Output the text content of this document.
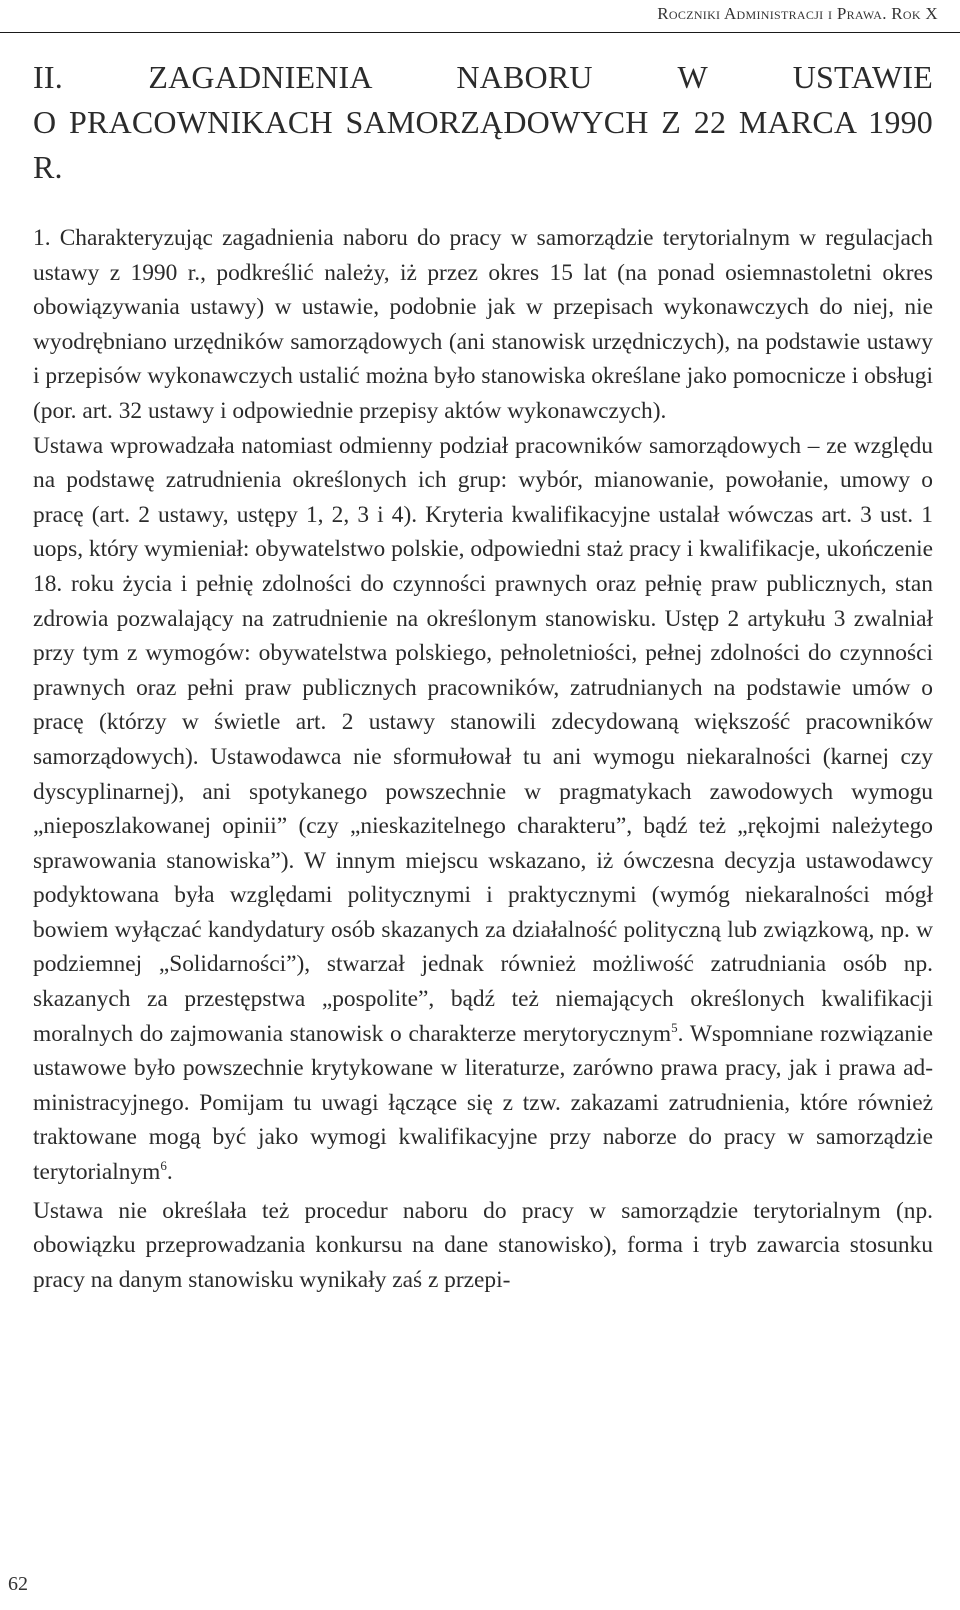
Roczniki Administracji i Prawa. Rok X
II. ZAGADNIENIA NABORU W USTAWIE
O PRACOWNIKACH SAMORZĄDOWYCH Z 22 MARCA 1990 R.

1. Charakteryzując zagadnienia naboru do pracy w samorządzie terytorialnym w regulacjach ustawy z 1990 r., podkreślić należy, iż przez okres 15 lat (na ponad osiemnastoletni okres obowiązywania ustawy) w ustawie, podobnie jak w przepisach wykonawczych do niej, nie wyodrębniano urzędników samorządowych (ani stanowisk urzędniczych), na podstawie ustawy i przepisów wykonawczych ustalić można było stanowiska określane jako pomocnicze i obsługi (por. art. 32 ustawy i odpowiednie przepisy aktów wykonawczych).

Ustawa wprowadzała natomiast odmienny podział pracowników samorządowych – ze względu na podstawę zatrudnienia określonych ich grup: wybór, mianowanie, powołanie, umowy o pracę (art. 2 ustawy, ustępy 1, 2, 3 i 4). Kryteria kwalifikacyjne ustalał wówczas art. 3 ust. 1 uops, który wymieniał: obywatelstwo polskie, odpowiedni staż pracy i kwalifikacje, ukończenie 18. roku życia i pełnię zdolności do czynności prawnych oraz pełnię praw publicznych, stan zdrowia pozwalający na zatrudnienie na określonym stanowisku. Ustęp 2 artykułu 3 zwalniał przy tym z wymogów: obywatelstwa polskiego, pełnoletniości, pełnej zdolności do czynności prawnych oraz pełni praw publicznych pracowników, zatrudnianych na podstawie umów o pracę (którzy w świetle art. 2 ustawy stanowili zdecydowaną większość pracowników samorządowych). Ustawodawca nie sformułował tu ani wymogu niekaralności (karnej czy dyscyplinarnej), ani spotykanego powszechnie w pragmatykach zawodowych wymogu „nieposzlakowanej opinii” (czy „nieskazitelnego charakteru”, bądź też „rękojmi należytego sprawowania stanowiska”). W innym miejscu wskazano, iż ówczesna decyzja ustawodawcy podyktowana była względami politycznymi i praktycznymi (wymóg niekaralności mógł bowiem wyłączać kandydatury osób skazanych za działalność polityczną lub związkową, np. w podziemnej „Solidarności”), stwarzał jednak również możliwość zatrudniania osób np. skazanych za przestępstwa „pospolite”, bądź też niemających określonych kwalifikacji moralnych do zajmowania stanowisk o charakterze merytorycznym$^5$. Wspomniane rozwiązanie ustawowe było powszechnie krytykowane w literaturze, zarówno prawa pracy, jak i prawa administracyjnego. Pomijam tu uwagi łączące się z tzw. zakazami zatrudnienia, które również traktowane mogą być jako wymogi kwalifikacyjne przy naborze do pracy w samorządzie terytorialnym$^6$.

Ustawa nie określała też procedur naboru do pracy w samorządzie terytorialnym (np. obowiązku przeprowadzania konkursu na dane stanowisko), forma i tryb zawarcia stosunku pracy na danym stanowisku wynikały zaś z przepi-

62
